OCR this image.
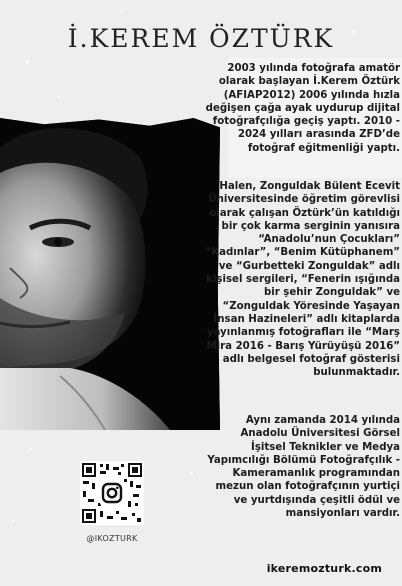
İ.KEREM ÖZTÜRK

2003 yılında fotoğrafa amatör olarak başlayan İ.Kerem Öztürk (AFIAP2012) 2006 yılında hızla değişen çağa ayak uydurup dijital fotoğrafçılığa geçiş yaptı. 2010 - 2024 yılları arasında ZFD’de fotoğraf eğitmenliği yaptı.

Halen, Zonguldak Bülent Ecevit Üniversitesinde öğretim görevlisi olarak çalışan Öztürk’ün katıldığı bir çok karma serginin yanısıra “Anadolu’nun Çocukları” “Kadınlar”, “Benim Kütüphanem” ve “Gurbetteki Zonguldak” adlı kişisel sergileri, “Fenerin ışığında bir şehir Zonguldak” ve “Zonguldak Yöresinde Yaşayan İnsan Hazineleri” adlı kitaplarda yayınlanmış fotoğrafları ile “Marş Mira 2016 - Barış Yürüyüşü 2016” adlı belgesel fotoğraf gösterisi bulunmaktadır.

Aynı zamanda 2014 yılında Anadolu Üniversitesi Görsel İşitsel Teknikler ve Medya Yapımcılığı Bölümü Fotoğrafçılık - Kameramanlık programından mezun olan fotoğrafçının yurtiçi ve yurtdışında çeşitli ödül ve mansiyonları vardır.

@IKOZTURK

ikeremozturk.com
